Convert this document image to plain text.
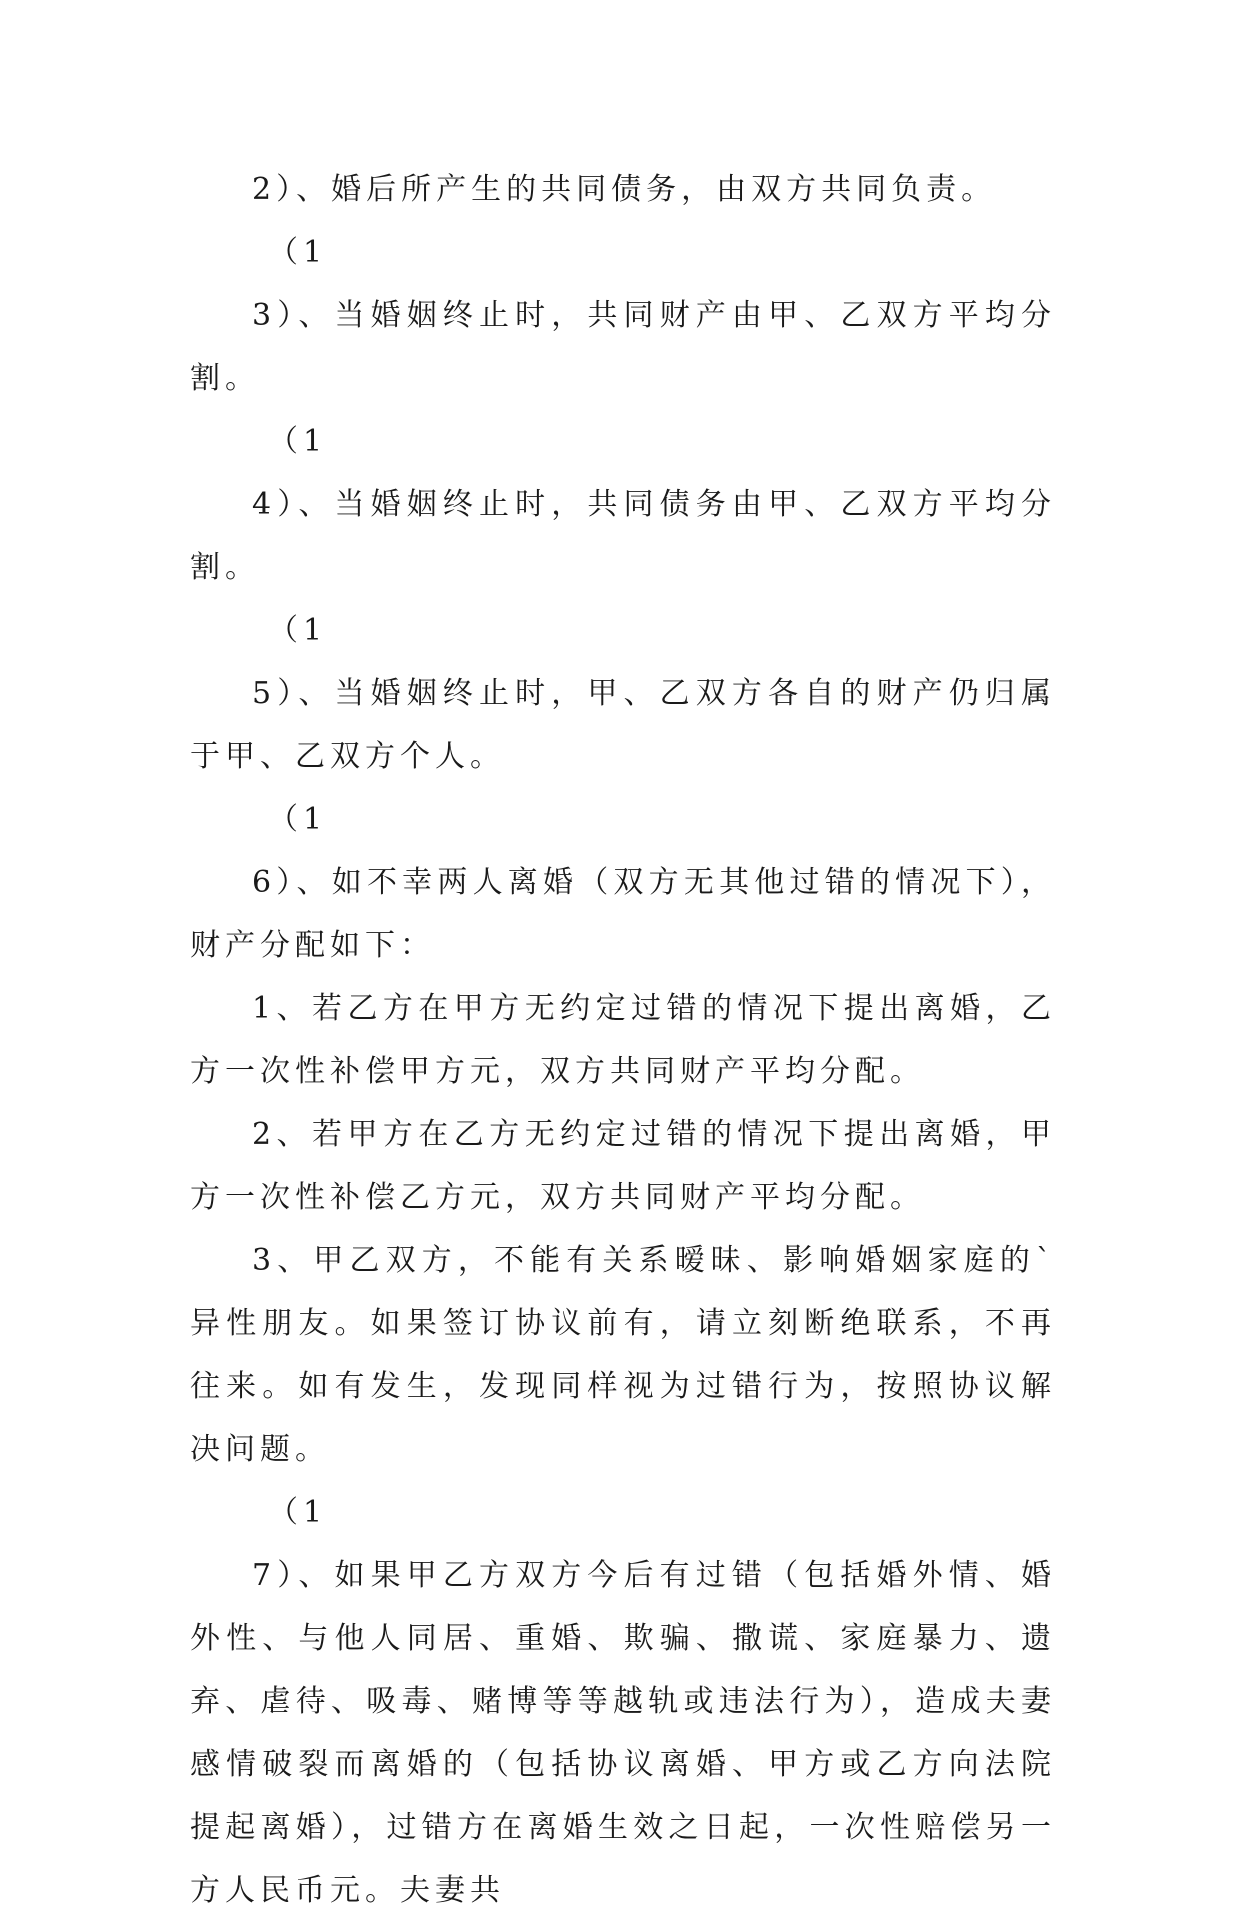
2）、婚后所产生的共同债务，由双方共同负责。

（1

3）、当婚姻终止时，共同财产由甲、乙双方平均分割。

（1

4）、当婚姻终止时，共同债务由甲、乙双方平均分割。

（1

5）、当婚姻终止时，甲、乙双方各自的财产仍归属于甲、乙双方个人。

（1

6）、如不幸两人离婚（双方无其他过错的情况下），财产分配如下：

1、若乙方在甲方无约定过错的情况下提出离婚，乙方一次性补偿甲方元，双方共同财产平均分配。

2、若甲方在乙方无约定过错的情况下提出离婚，甲方一次性补偿乙方元，双方共同财产平均分配。

3、甲乙双方，不能有关系暧昧、影响婚姻家庭的`异性朋友。如果签订协议前有，请立刻断绝联系，不再往来。如有发生，发现同样视为过错行为，按照协议解决问题。

（1

7）、如果甲乙方双方今后有过错（包括婚外情、婚外性、与他人同居、重婚、欺骗、撒谎、家庭暴力、遗弃、虐待、吸毒、赌博等等越轨或违法行为），造成夫妻感情破裂而离婚的（包括协议离婚、甲方或乙方向法院提起离婚），过错方在离婚生效之日起，一次性赔偿另一方人民币元。夫妻共
